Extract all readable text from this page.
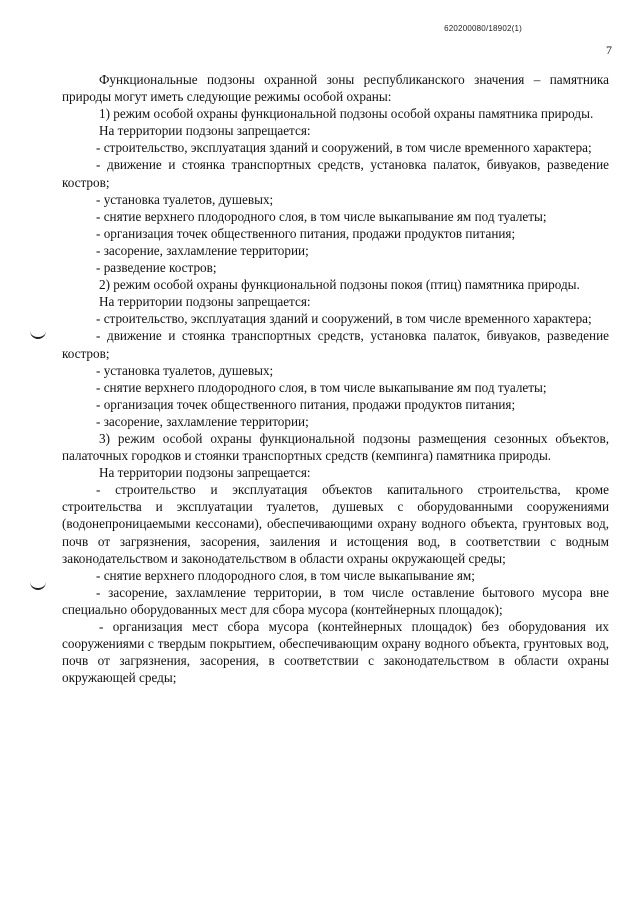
620200080/18902(1)
7

Функциональные подзоны охранной зоны республиканского значения – памятника природы могут иметь следующие режимы особой охраны:

1) режим особой охраны функциональной подзоны особой охраны памятника природы.

На территории подзоны запрещается:

- строительство, эксплуатация зданий и сооружений, в том числе временного характера;

- движение и стоянка транспортных средств, установка палаток, бивуаков, разведение костров;

- установка туалетов, душевых;

- снятие верхнего плодородного слоя, в том числе выкапывание ям под туалеты;

- организация точек общественного питания, продажи продуктов питания;

- засорение, захламление территории;

- разведение костров;

2) режим особой охраны функциональной подзоны покоя (птиц) памятника природы.

На территории подзоны запрещается:

- строительство, эксплуатация зданий и сооружений, в том числе временного характера;

- движение и стоянка транспортных средств, установка палаток, бивуаков, разведение костров;

- установка туалетов, душевых;

- снятие верхнего плодородного слоя, в том числе выкапывание ям под туалеты;

- организация точек общественного питания, продажи продуктов питания;

- засорение, захламление территории;

3) режим особой охраны функциональной подзоны размещения сезонных объектов, палаточных городков и стоянки транспортных средств (кемпинга) памятника природы.

На территории подзоны запрещается:

- строительство и эксплуатация объектов капитального строительства, кроме строительства и эксплуатации туалетов, душевых с оборудованными сооружениями (водонепроницаемыми кессонами), обеспечивающими охрану водного объекта, грунтовых вод, почв от загрязнения, засорения, заиления и истощения вод, в соответствии с водным законодательством и законодательством в области охраны окружающей среды;

- снятие верхнего плодородного слоя, в том числе выкапывание ям;

- засорение, захламление территории, в том числе оставление бытового мусора вне специально оборудованных мест для сбора мусора (контейнерных площадок);

- организация мест сбора мусора (контейнерных площадок) без оборудования их сооружениями с твердым покрытием, обеспечивающим охрану водного объекта, грунтовых вод, почв от загрязнения, засорения, в соответствии с законодательством в области охраны окружающей среды;
